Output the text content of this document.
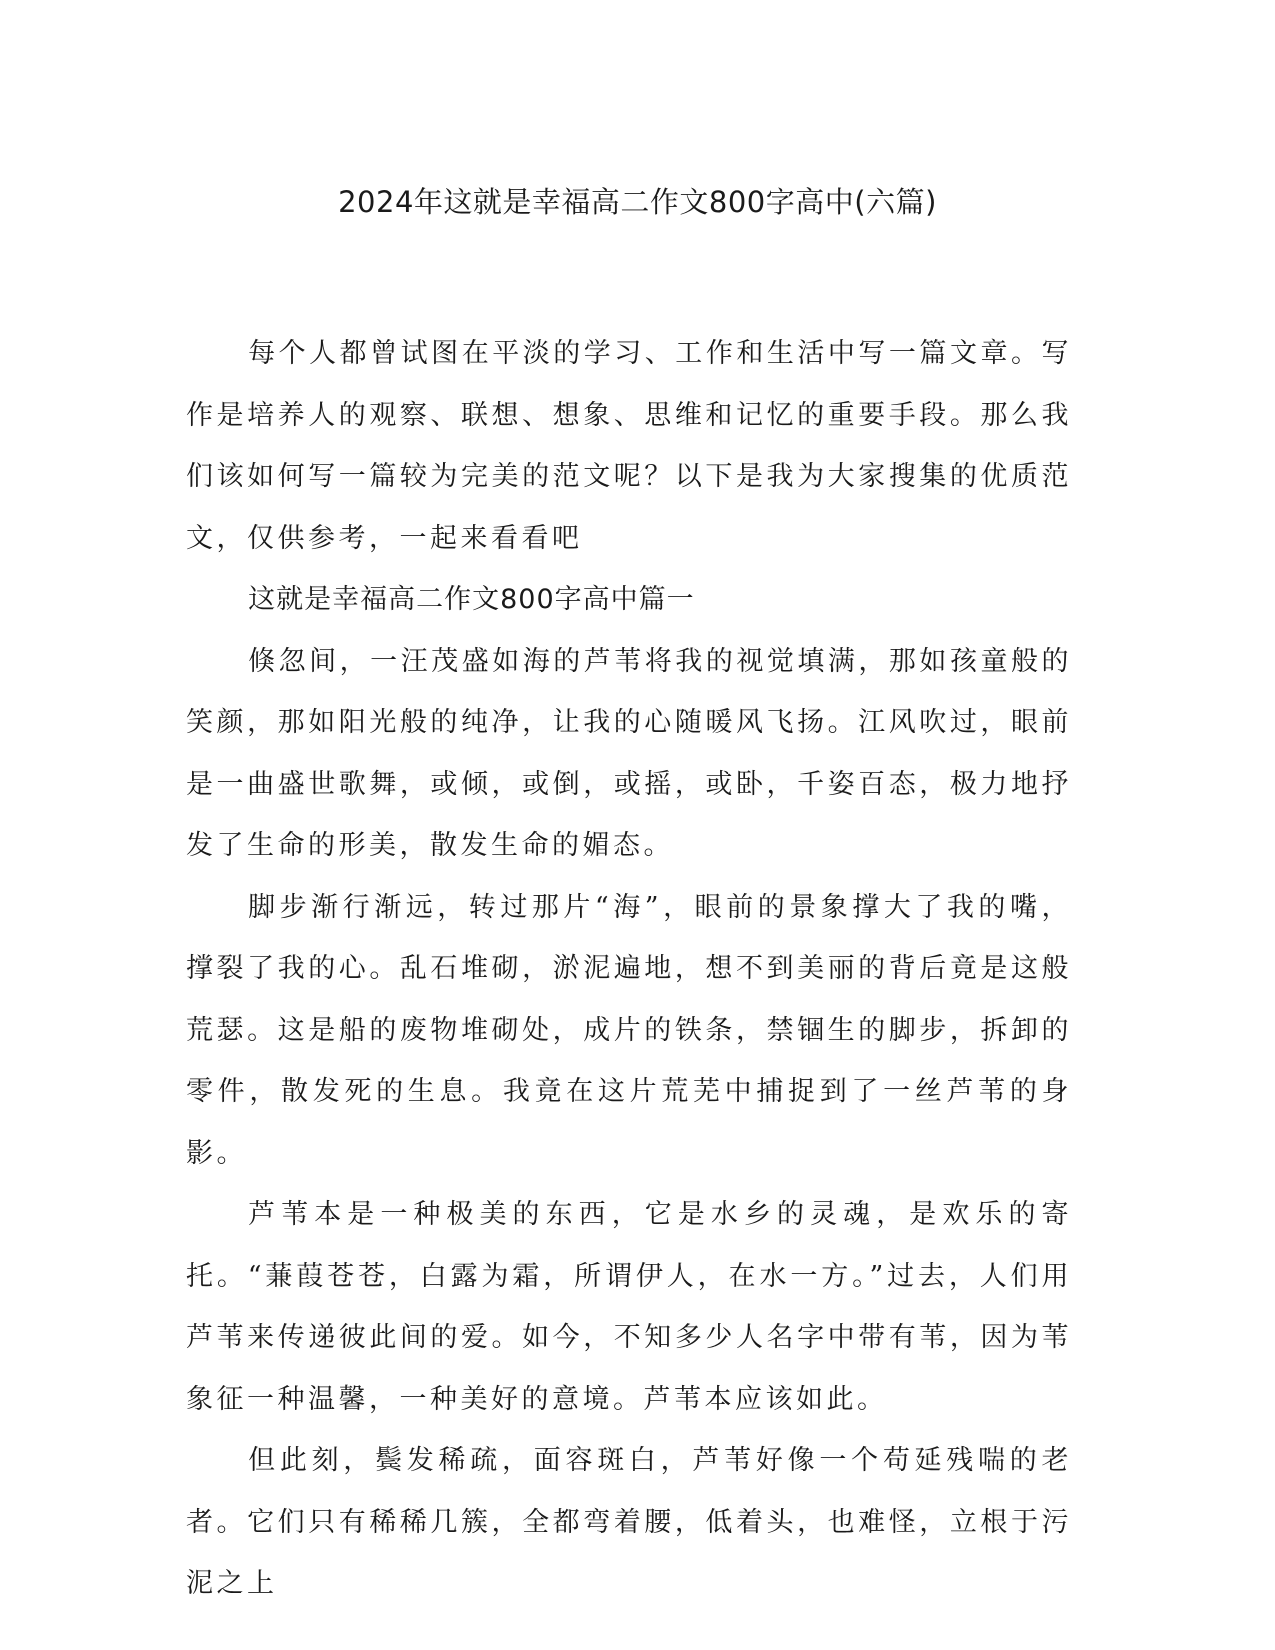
2024年这就是幸福高二作文800字高中(六篇)

每个人都曾试图在平淡的学习、工作和生活中写一篇文章。写作是培养人的观察、联想、想象、思维和记忆的重要手段。那么我们该如何写一篇较为完美的范文呢？以下是我为大家搜集的优质范文，仅供参考，一起来看看吧

这就是幸福高二作文800字高中篇一

倏忽间，一汪茂盛如海的芦苇将我的视觉填满，那如孩童般的笑颜，那如阳光般的纯净，让我的心随暖风飞扬。江风吹过，眼前是一曲盛世歌舞，或倾，或倒，或摇，或卧，千姿百态，极力地抒发了生命的形美，散发生命的媚态。

脚步渐行渐远，转过那片“海”，眼前的景象撑大了我的嘴，撑裂了我的心。乱石堆砌，淤泥遍地，想不到美丽的背后竟是这般荒瑟。这是船的废物堆砌处，成片的铁条，禁锢生的脚步，拆卸的零件，散发死的生息。我竟在这片荒芜中捕捉到了一丝芦苇的身影。

芦苇本是一种极美的东西，它是水乡的灵魂，是欢乐的寄托。“蒹葭苍苍，白露为霜，所谓伊人，在水一方。”过去，人们用芦苇来传递彼此间的爱。如今，不知多少人名字中带有苇，因为苇象征一种温馨，一种美好的意境。芦苇本应该如此。

但此刻，鬓发稀疏，面容斑白，芦苇好像一个苟延残喘的老者。它们只有稀稀几簇，全都弯着腰，低着头，也难怪，立根于污泥之上
